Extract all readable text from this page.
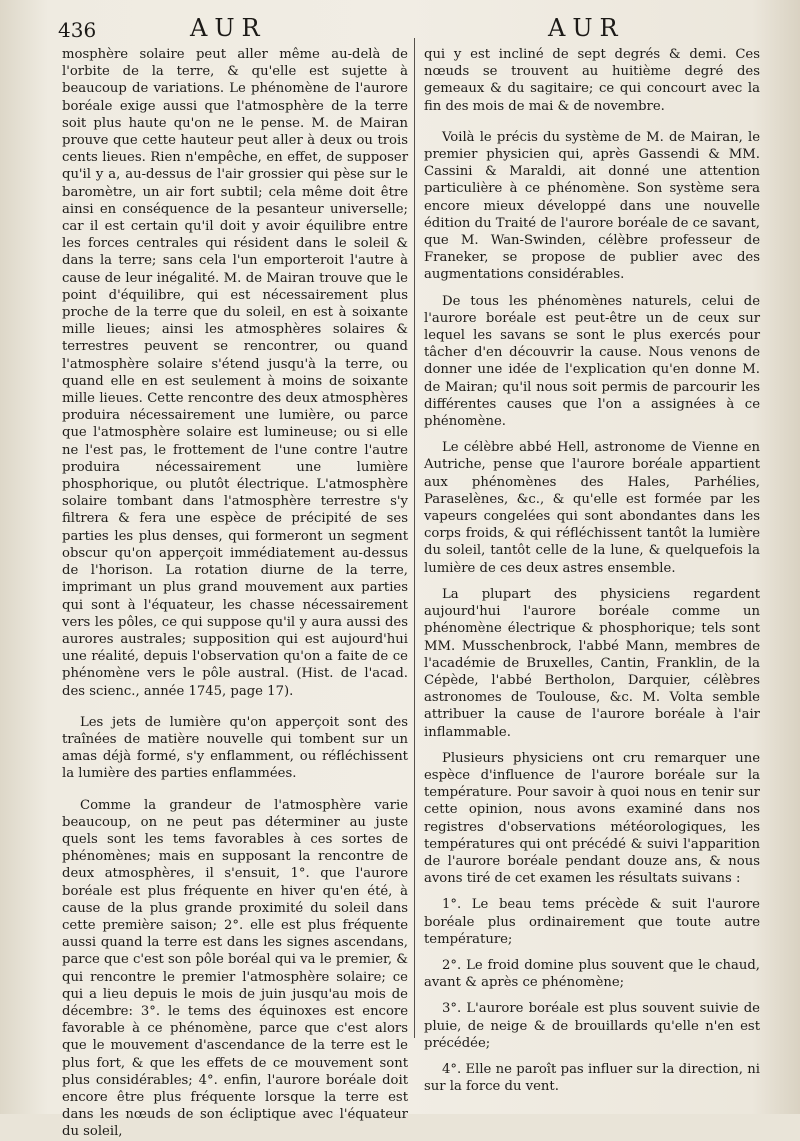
436	AUR	AUR

mosphère solaire peut aller même au-delà de l'orbite de la terre, & qu'elle est sujette à beaucoup de variations. Le phénomène de l'aurore boréale exige aussi que l'atmosphère de la terre soit plus haute qu'on ne le pense. M. de Mairan prouve que cette hauteur peut aller à deux ou trois cents lieues. Rien n'empêche, en effet, de supposer qu'il y a, au-dessus de l'air grossier qui pèse sur le baromètre, un air fort subtil; cela même doit être ainsi en conséquence de la pesanteur universelle; car il est certain qu'il doit y avoir équilibre entre les forces centrales qui résident dans le soleil & dans la terre; sans cela l'un emporteroit l'autre à cause de leur inégalité. M. de Mairan trouve que le point d'équilibre, qui est nécessairement plus proche de la terre que du soleil, en est à soixante mille lieues; ainsi les atmosphères solaires & terrestres peuvent se rencontrer, ou quand l'atmosphère solaire s'étend jusqu'à la terre, ou quand elle en est seulement à moins de soixante mille lieues. Cette rencontre des deux atmosphères produira nécessairement une lumière, ou parce que l'atmosphère solaire est lumineuse; ou si elle ne l'est pas, le frottement de l'une contre l'autre produira nécessairement une lumière phosphorique, ou plutôt électrique. L'atmosphère solaire tombant dans l'atmosphère terrestre s'y filtrera & fera une espèce de précipité de ses parties les plus denses, qui formeront un segment obscur qu'on apperçoit immédiatement au-dessus de l'horison. La rotation diurne de la terre, imprimant un plus grand mouvement aux parties qui sont à l'équateur, les chasse nécessairement vers les pôles, ce qui suppose qu'il y aura aussi des aurores australes; supposition qui est aujourd'hui une réalité, depuis l'observation qu'on a faite de ce phénomène vers le pôle austral. (Hist. de l'acad. des scienc., année 1745, page 17).

Les jets de lumière qu'on apperçoit sont des traînées de matière nouvelle qui tombent sur un amas déjà formé, s'y enflamment, ou réfléchissent la lumière des parties enflammées.

Comme la grandeur de l'atmosphère varie beaucoup, on ne peut pas déterminer au juste quels sont les tems favorables à ces sortes de phénomènes; mais en supposant la rencontre de deux atmosphères, il s'ensuit, 1°. que l'aurore boréale est plus fréquente en hiver qu'en été, à cause de la plus grande proximité du soleil dans cette première saison; 2°. elle est plus fréquente aussi quand la terre est dans les signes ascendans, parce que c'est son pôle boréal qui va le premier, & qui rencontre le premier l'atmosphère solaire; ce qui a lieu depuis le mois de juin jusqu'au mois de décembre: 3°. le tems des équinoxes est encore favorable à ce phénomène, parce que c'est alors que le mouvement d'ascendance de la terre est le plus fort, & que les effets de ce mouvement sont plus considérables; 4°. enfin, l'aurore boréale doit encore être plus fréquente lorsque la terre est dans les nœuds de son écliptique avec l'équateur du soleil,

qui y est incliné de sept degrés & demi. Ces nœuds se trouvent au huitième degré des gemeaux & du sagitaire; ce qui concourt avec la fin des mois de mai & de novembre.

Voilà le précis du système de M. de Mairan, le premier physicien qui, après Gassendi & MM. Cassini & Maraldi, ait donné une attention particulière à ce phénomène. Son système sera encore mieux développé dans une nouvelle édition du Traité de l'aurore boréale de ce savant, que M. Wan-Swinden, célèbre professeur de Franeker, se propose de publier avec des augmentations considérables.

De tous les phénomènes naturels, celui de l'aurore boréale est peut-être un de ceux sur lequel les savans se sont le plus exercés pour tâcher d'en découvrir la cause. Nous venons de donner une idée de l'explication qu'en donne M. de Mairan; qu'il nous soit permis de parcourir les différentes causes que l'on a assignées à ce phénomène.

Le célèbre abbé Hell, astronome de Vienne en Autriche, pense que l'aurore boréale appartient aux phénomènes des Hales, Parhélies, Paraselènes, &c., & qu'elle est formée par les vapeurs congelées qui sont abondantes dans les corps froids, & qui réfléchissent tantôt la lumière du soleil, tantôt celle de la lune, & quelquefois la lumière de ces deux astres ensemble.

La plupart des physiciens regardent aujourd'hui l'aurore boréale comme un phénomène électrique & phosphorique; tels sont MM. Musschenbrock, l'abbé Mann, membres de l'académie de Bruxelles, Cantin, Franklin, de la Cépède, l'abbé Bertholon, Darquier, célèbres astronomes de Toulouse, &c. M. Volta semble attribuer la cause de l'aurore boréale à l'air inflammable.

Plusieurs physiciens ont cru remarquer une espèce d'influence de l'aurore boréale sur la température. Pour savoir à quoi nous en tenir sur cette opinion, nous avons examiné dans nos registres d'observations météorologiques, les températures qui ont précédé & suivi l'apparition de l'aurore boréale pendant douze ans, & nous avons tiré de cet examen les résultats suivans :

1°. Le beau tems précède & suit l'aurore boréale plus ordinairement que toute autre température;

2°. Le froid domine plus souvent que le chaud, avant & après ce phénomène;

3°. L'aurore boréale est plus souvent suivie de pluie, de neige & de brouillards qu'elle n'en est précédée;

4°. Elle ne paroît pas influer sur la direction, ni sur la force du vent.
